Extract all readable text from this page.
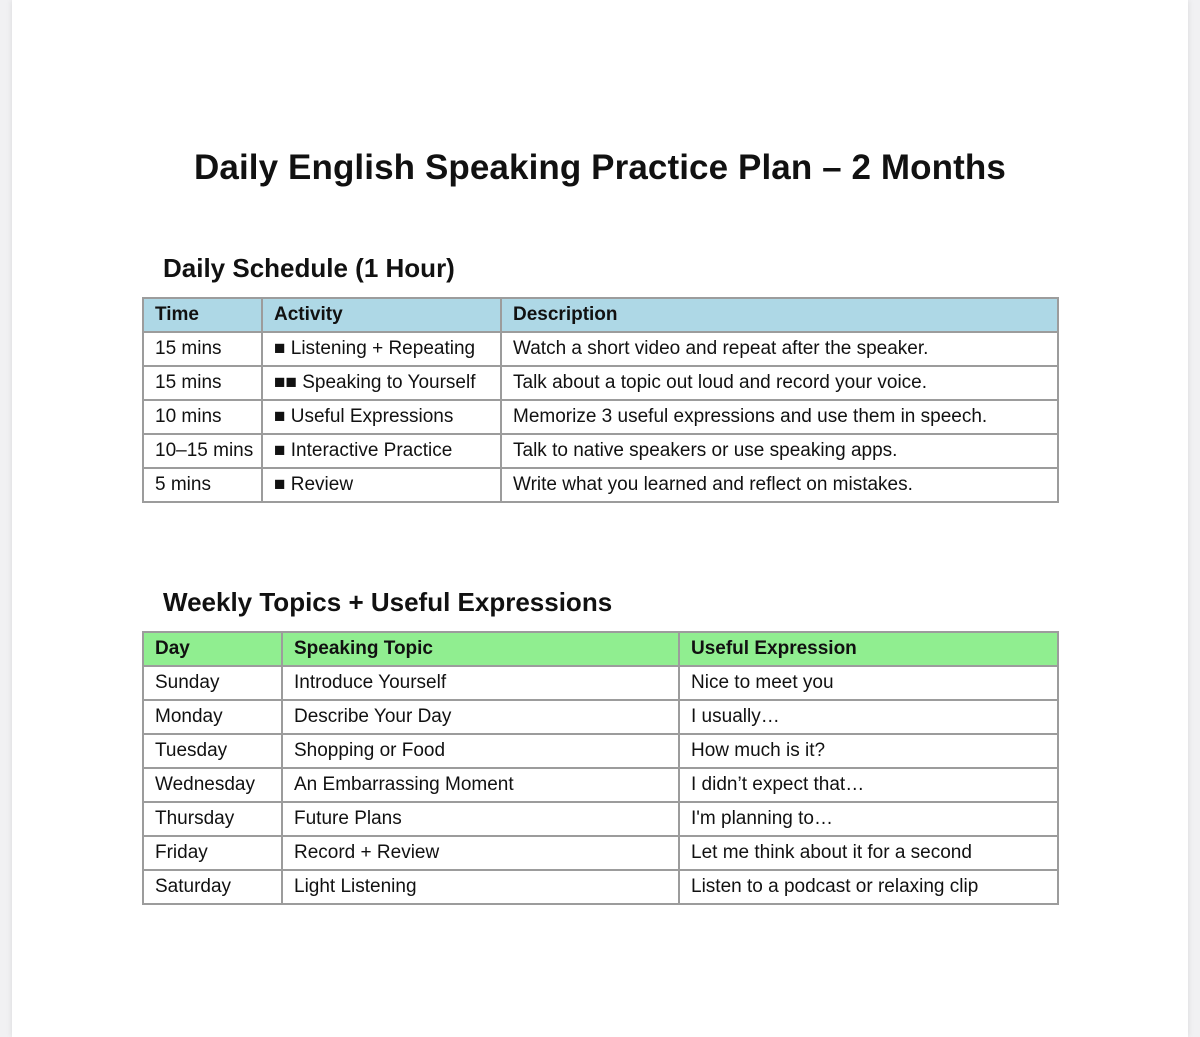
Daily English Speaking Practice Plan – 2 Months
Daily Schedule (1 Hour)
Time	Activity	Description
15 mins	■ Listening + Repeating	Watch a short video and repeat after the speaker.
15 mins	■■ Speaking to Yourself	Talk about a topic out loud and record your voice.
10 mins	■ Useful Expressions	Memorize 3 useful expressions and use them in speech.
10–15 mins	■ Interactive Practice	Talk to native speakers or use speaking apps.
5 mins	■ Review	Write what you learned and reflect on mistakes.
Weekly Topics + Useful Expressions
Day	Speaking Topic	Useful Expression
Sunday	Introduce Yourself	Nice to meet you
Monday	Describe Your Day	I usually…
Tuesday	Shopping or Food	How much is it?
Wednesday	An Embarrassing Moment	I didn’t expect that…
Thursday	Future Plans	I'm planning to…
Friday	Record + Review	Let me think about it for a second
Saturday	Light Listening	Listen to a podcast or relaxing clip
